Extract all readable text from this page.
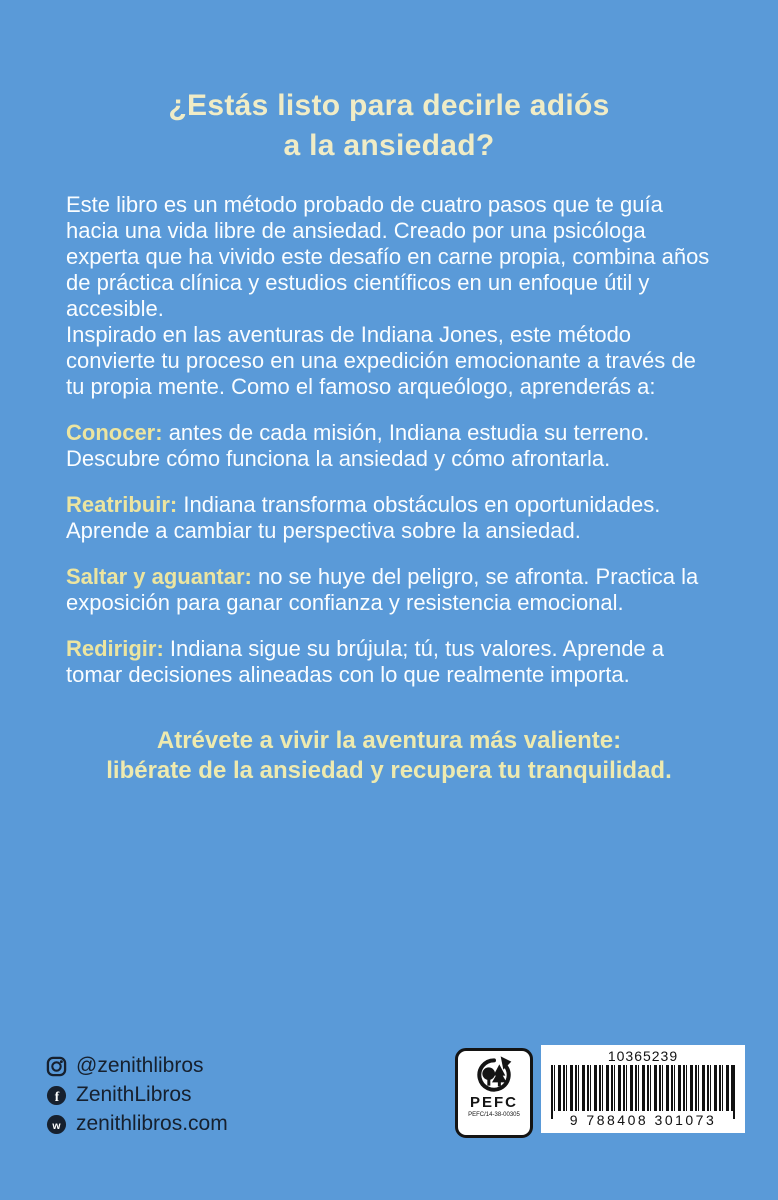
¿Estás listo para decirle adiós
a la ansiedad?

Este libro es un método probado de cuatro pasos que te guía hacia una vida libre de ansiedad. Creado por una psicóloga experta que ha vivido este desafío en carne propia, combina años de práctica clínica y estudios científicos en un enfoque útil y accesible.

Inspirado en las aventuras de Indiana Jones, este método convierte tu proceso en una expedición emocionante a través de tu propia mente. Como el famoso arqueólogo, aprenderás a:

Conocer: antes de cada misión, Indiana estudia su terreno. Descubre cómo funciona la ansiedad y cómo afrontarla.

Reatribuir: Indiana transforma obstáculos en oportunidades. Aprende a cambiar tu perspectiva sobre la ansiedad.

Saltar y aguantar: no se huye del peligro, se afronta. Practica la exposición para ganar confianza y resistencia emocional.

Redirigir: Indiana sigue su brújula; tú, tus valores. Aprende a tomar decisiones alineadas con lo que realmente importa.

Atrévete a vivir la aventura más valiente:
libérate de la ansiedad y recupera tu tranquilidad.

@zenithlibros
f ZenithLibros
w zenithlibros.com
PEFC
PEFC/14-38-00305
10365239
9 788408 301073
